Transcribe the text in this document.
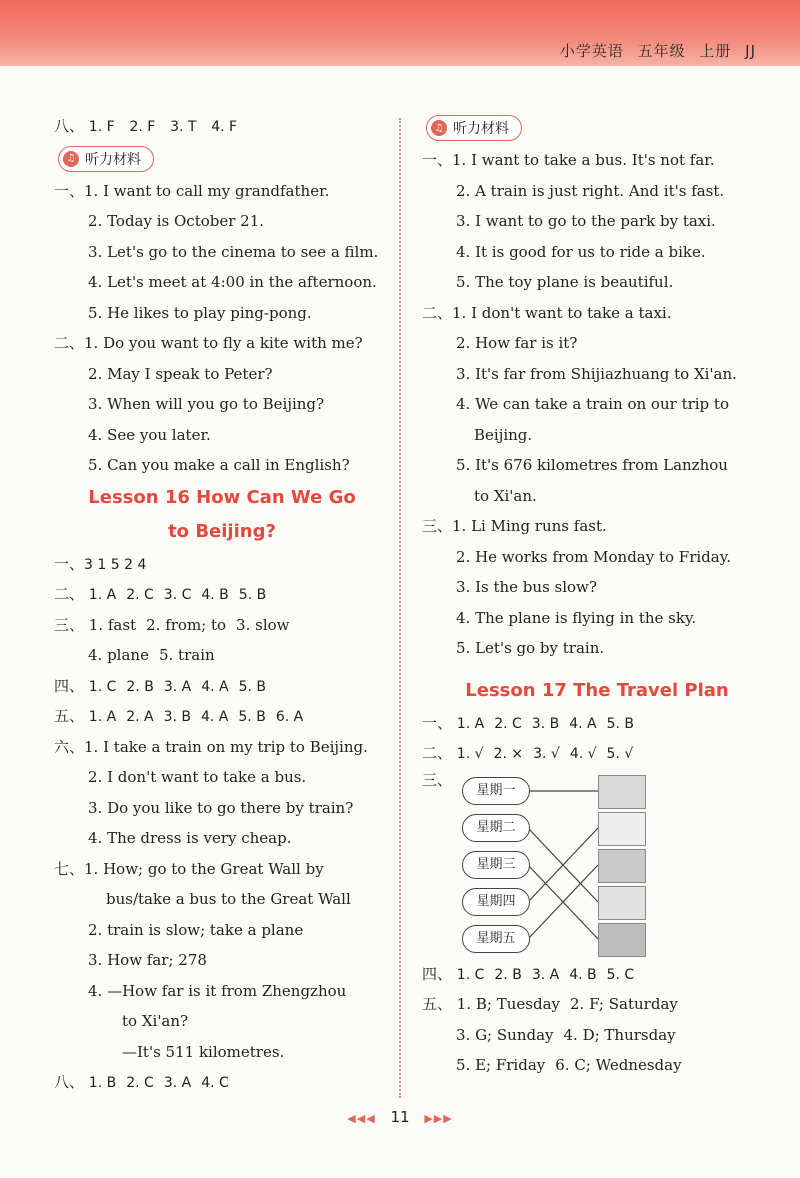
小学英语 五年级 上册 JJ
八、 1. F 2. F 3. T 4. F
♫ 听力材料
一、1. I want to call my grandfather.
2. Today is October 21.
3. Let's go to the cinema to see a film.
4. Let's meet at 4:00 in the afternoon.
5. He likes to play ping-pong.
二、1. Do you want to fly a kite with me?
2. May I speak to Peter?
3. When will you go to Beijing?
4. See you later.
5. Can you make a call in English?
Lesson 16 How Can We Go
to Beijing?
一、3 1 5 2 4
二、 1. A 2. C 3. C 4. B 5. B
三、 1. fast 2. from; to 3. slow
4. plane 5. train
四、 1. C 2. B 3. A 4. A 5. B
五、 1. A 2. A 3. B 4. A 5. B 6. A
六、1. I take a train on my trip to Beijing.
2. I don't want to take a bus.
3. Do you like to go there by train?
4. The dress is very cheap.
七、1. How; go to the Great Wall by
bus/take a bus to the Great Wall
2. train is slow; take a plane
3. How far; 278
4. —How far is it from Zhengzhou
to Xi'an?
—It's 511 kilometres.
八、 1. B 2. C 3. A 4. C
♫ 听力材料
一、1. I want to take a bus. It's not far.
2. A train is just right. And it's fast.
3. I want to go to the park by taxi.
4. It is good for us to ride a bike.
5. The toy plane is beautiful.
二、1. I don't want to take a taxi.
2. How far is it?
3. It's far from Shijiazhuang to Xi'an.
4. We can take a train on our trip to
Beijing.
5. It's 676 kilometres from Lanzhou
to Xi'an.
三、1. Li Ming runs fast.
2. He works from Monday to Friday.
3. Is the bus slow?
4. The plane is flying in the sky.
5. Let's go by train.
Lesson 17 The Travel Plan
一、 1. A 2. C 3. B 4. A 5. B
二、 1. √ 2. × 3. √ 4. √ 5. √
三、
星期一
星期二
星期三
星期四
星期五
四、 1. C 2. B 3. A 4. B 5. C
五、 1. B; Tuesday 2. F; Saturday
3. G; Sunday 4. D; Thursday
5. E; Friday 6. C; Wednesday
◀◀◀ 11 ▶▶▶
